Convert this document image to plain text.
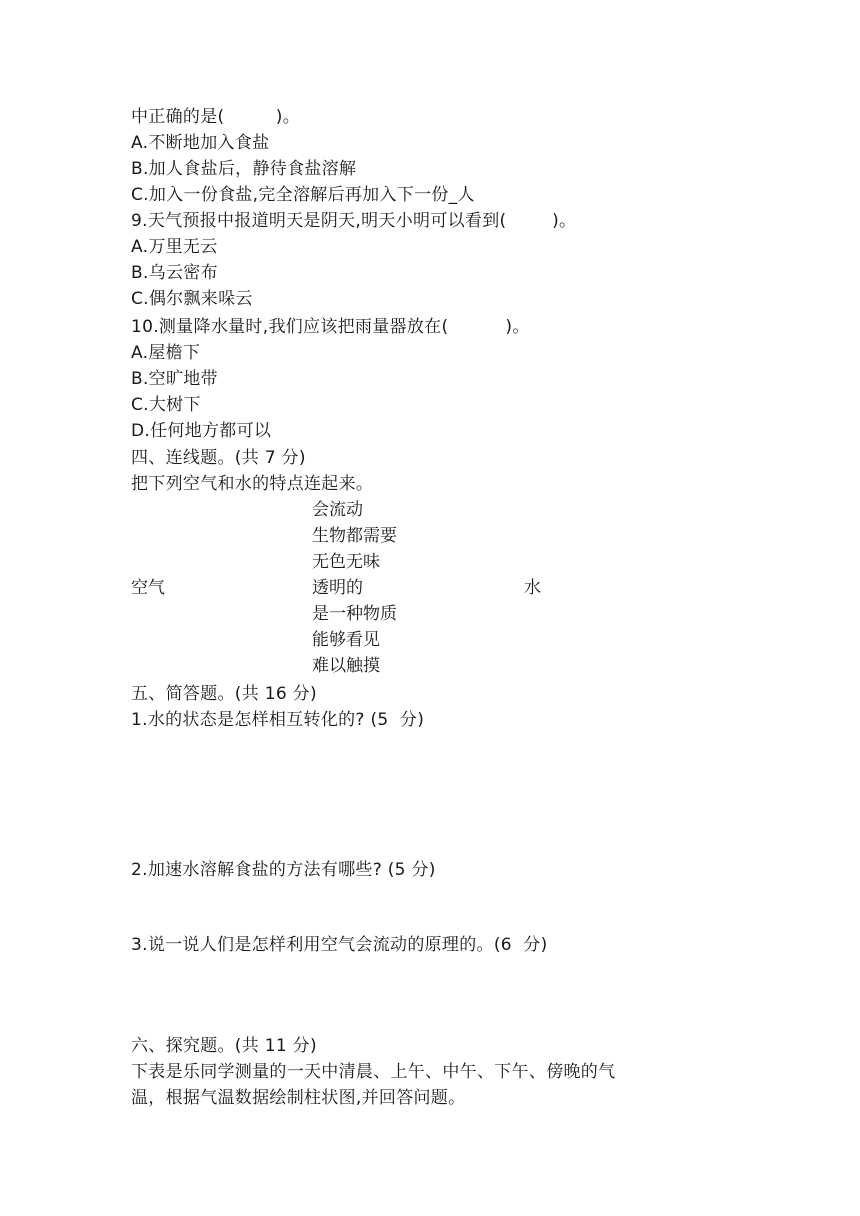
中正确的是(         )。
A.不断地加入食盐
B.加人食盐后，静待食盐溶解
C.加入一份食盐,完全溶解后再加入下一份_人
9.天气预报中报道明天是阴天,明天小明可以看到(        )。
A.万里无云
B.乌云密布
C.偶尔飘来哚云
10.测量降水量时,我们应该把雨量器放在(          )。
A.屋檐下
B.空旷地带
C.大树下
D.任何地方都可以
四、连线题。(共 7 分)
把下列空气和水的特点连起来。
会流动
生物都需要
无色无味
空气	透明的	水
是一种物质
能够看见
难以触摸
五、简答题。(共 16 分)
1.水的状态是怎样相互转化的? (5  分)
2.加速水溶解食盐的方法有哪些? (5 分)
3.说一说人们是怎样利用空气会流动的原理的。(6  分)
六、探究题。(共 11 分)
下表是乐同学测量的一天中清晨、上午、中午、下午、傍晚的气
温，根据气温数据绘制柱状图,并回答问题。
